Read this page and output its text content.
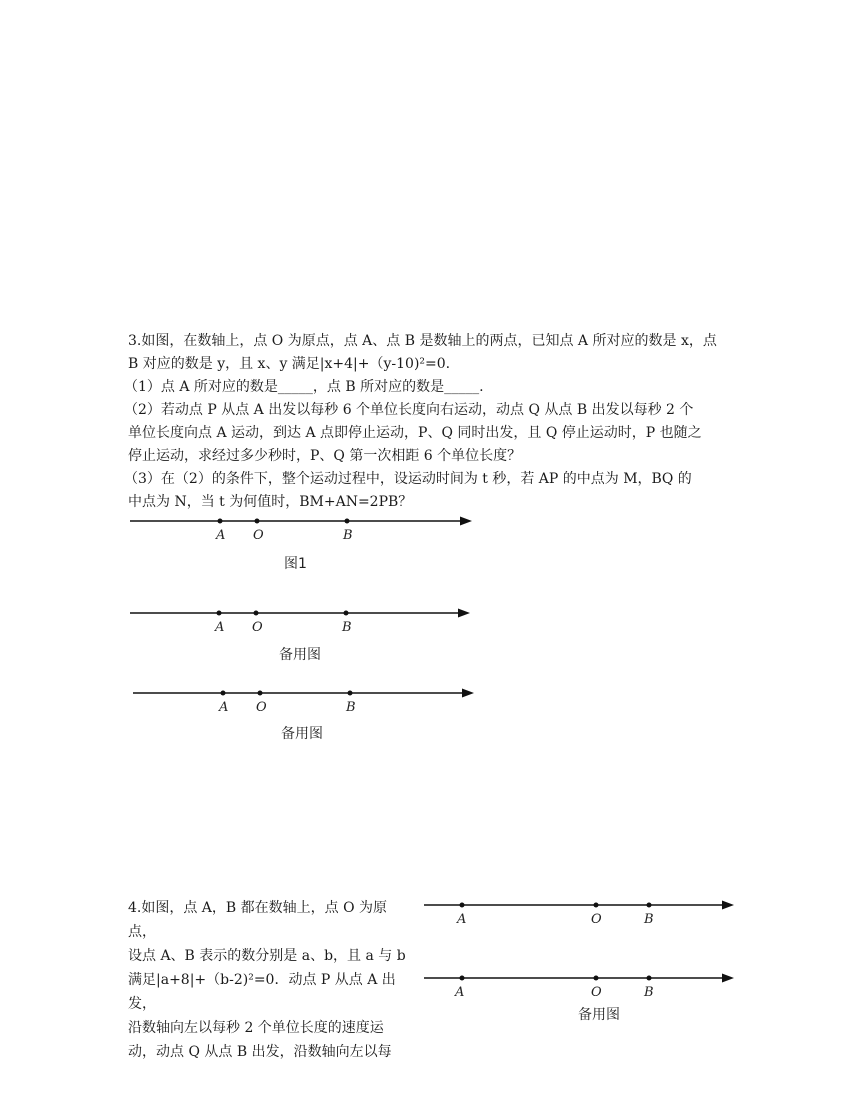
3.如图，在数轴上，点 O 为原点，点 A、点 B 是数轴上的两点，已知点 A 所对应的数是 x，点

B 对应的数是 y，且 x、y 满足|x+4|+（y-10)²=0.

（1）点 A 所对应的数是_____，点 B 所对应的数是_____.

（2）若动点 P 从点 A 出发以每秒 6 个单位长度向右运动，动点 Q 从点 B 出发以每秒 2 个

单位长度向点 A 运动，到达 A 点即停止运动，P、Q 同时出发，且 Q 停止运动时，P 也随之

停止运动，求经过多少秒时，P、Q 第一次相距 6 个单位长度？

（3）在（2）的条件下，整个运动过程中，设运动时间为 t 秒，若 AP 的中点为 M，BQ 的

中点为 N，当 t 为何值时，BM+AN=2PB？

A O	B
图1
A O	B
备用图
A O	B
备用图

4.如图，点 A，B 都在数轴上，点 O 为原点，

设点 A、B 表示的数分别是 a、b，且 a 与 b

满足|a+8|+（b-2)²=0．动点 P 从点 A 出发，

沿数轴向左以每秒 2 个单位长度的速度运

动，动点 Q 从点 B 出发，沿数轴向左以每

A	O	B
A	O	B
备用图
